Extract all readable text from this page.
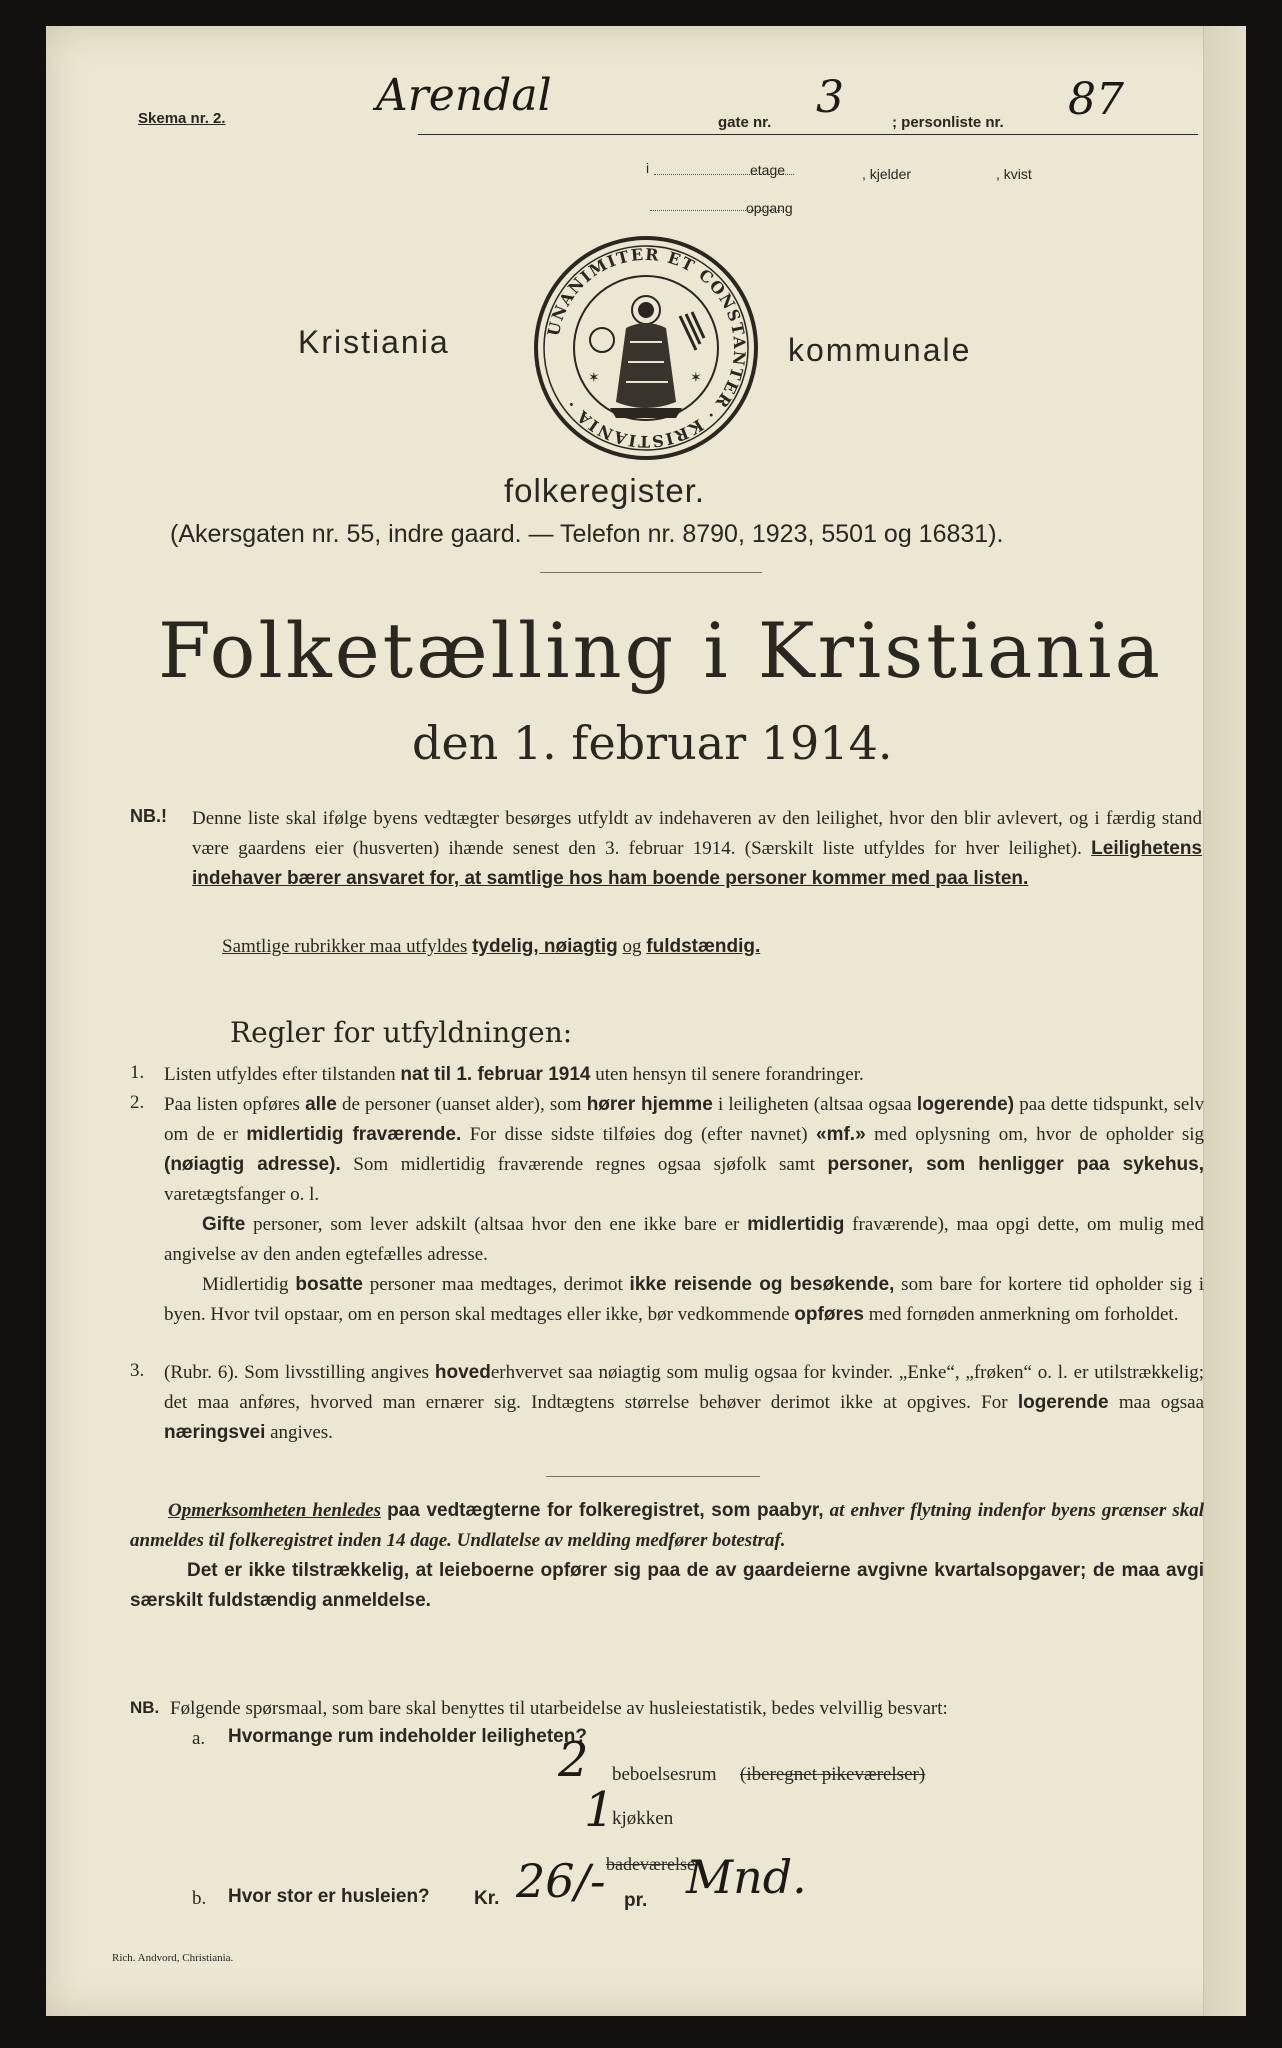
Skema nr. 2.	Arendal
gate nr. 3	; personliste nr. 87
i	etage	, kjelder	, kvist
opgang
Kristiania	UNANIMITER ET CONSTANTER · KRISTIANIA ·
✶	✶
kommunale
folkeregister.
(Akersgaten nr. 55, indre gaard. — Telefon nr. 8790, 1923, 5501 og 16831).
Folketælling i Kristiania
den 1. februar 1914.
NB.! Denne liste skal ifølge byens vedtægter besørges utfyldt av indehaveren av den leilighet, hvor den blir avlevert, og i færdig stand være gaardens eier (husverten) ihænde senest den 3. februar 1914. (Særskilt liste utfyldes for hver leilighet). Leilighetens indehaver bærer ansvaret for, at samtlige hos ham boende personer kommer med paa listen.

Samtlige rubrikker maa utfyldes tydelig, nøiagtig og fuldstændig.
Regler for utfyldningen:
1. Listen utfyldes efter tilstanden nat til 1. februar 1914 uten hensyn til senere forandringer.

2. Paa listen opføres alle de personer (uanset alder), som hører hjemme i leiligheten (altsaa ogsaa logerende) paa dette tidspunkt, selv om de er midlertidig fraværende. For disse sidste tilføies dog (efter navnet) «mf.» med oplysning om, hvor de opholder sig (nøiagtig adresse). Som midlertidig fraværende regnes ogsaa sjøfolk samt personer, som henligger paa sykehus, varetægtsfanger o. l.
  Gifte personer, som lever adskilt (altsaa hvor den ene ikke bare er midlertidig fraværende), maa opgi dette, om mulig med angivelse av den anden egtefælles adresse.
  Midlertidig bosatte personer maa medtages, derimot ikke reisende og besøkende, som bare for kortere tid opholder sig i byen. Hvor tvil opstaar, om en person skal medtages eller ikke, bør vedkommende opføres med fornøden anmerkning om forholdet.

3. (Rubr. 6). Som livsstilling angives hovederhvervet saa nøiagtig som mulig ogsaa for kvinder. „Enke“, „frøken“ o. l. er utilstrækkelig; det maa anføres, hvorved man ernærer sig. Indtægtens størrelse behøver derimot ikke at opgives. For logerende maa ogsaa næringsvei angives.

  Opmerksomheten henledes paa vedtægterne for folkeregistret, som paabyr, at enhver flytning indenfor byens grænser skal anmeldes til folkeregistret inden 14 dage. Undlatelse av melding medfører botestraf.
   Det er ikke tilstrækkelig, at leieboerne opfører sig paa de av gaardeierne avgivne kvartalsopgaver; de maa avgi særskilt fuldstændig anmeldelse.

NB. Følgende spørsmaal, som bare skal benyttes til utarbeidelse av husleiestatistik, bedes velvillig besvart:
a. Hvormange rum indeholder leiligheten?
2 beboelsesrum (iberegnet pikeværelser)
1
kjøkken
badeværelse
b. Hvor stor er husleien? Kr. 26/- pr. Mnd.
Rich. Andvord, Christiania.
